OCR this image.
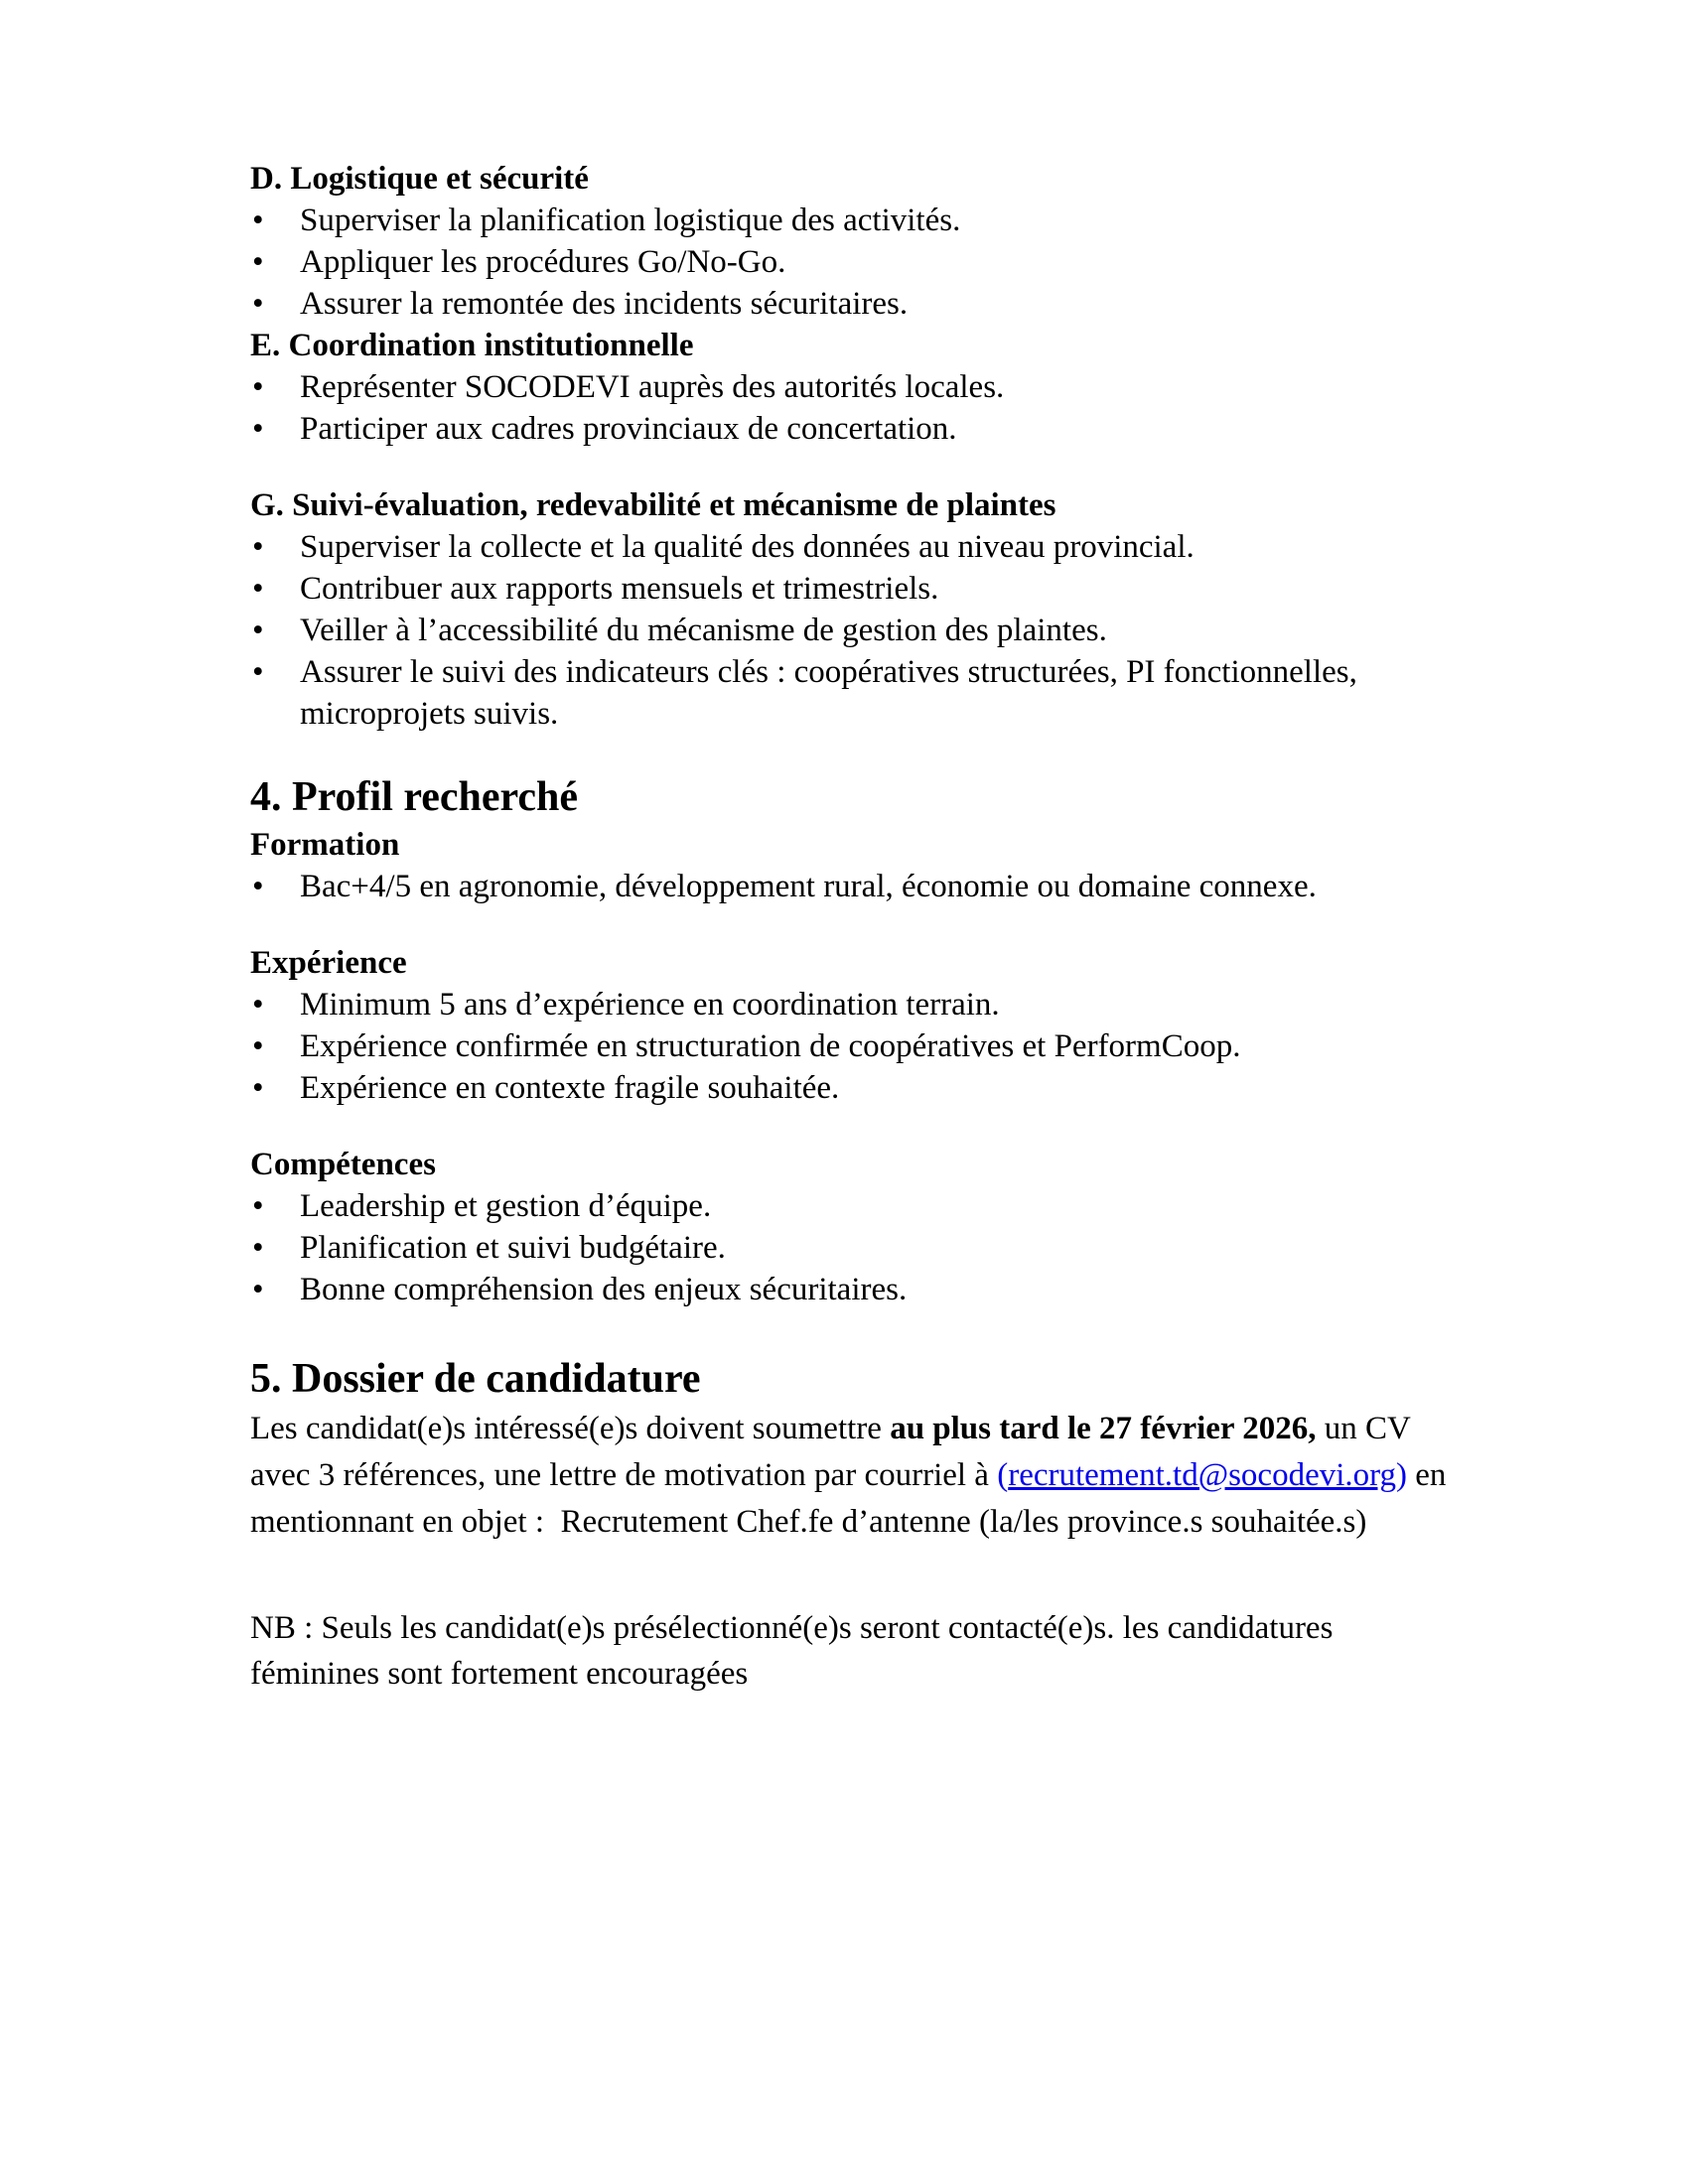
D. Logistique et sécurité
• Superviser la planification logistique des activités.
• Appliquer les procédures Go/No-Go.
• Assurer la remontée des incidents sécuritaires.
E. Coordination institutionnelle
• Représenter SOCODEVI auprès des autorités locales.
• Participer aux cadres provinciaux de concertation.
G. Suivi-évaluation, redevabilité et mécanisme de plaintes
• Superviser la collecte et la qualité des données au niveau provincial.
• Contribuer aux rapports mensuels et trimestriels.
• Veiller à l’accessibilité du mécanisme de gestion des plaintes.
• Assurer le suivi des indicateurs clés : coopératives structurées, PI fonctionnelles, microprojets suivis.
4. Profil recherché
Formation
• Bac+4/5 en agronomie, développement rural, économie ou domaine connexe.
Expérience
• Minimum 5 ans d’expérience en coordination terrain.
• Expérience confirmée en structuration de coopératives et PerformCoop.
• Expérience en contexte fragile souhaitée.
Compétences
• Leadership et gestion d’équipe.
• Planification et suivi budgétaire.
• Bonne compréhension des enjeux sécuritaires.
5. Dossier de candidature

Les candidat(e)s intéressé(e)s doivent soumettre au plus tard le 27 février 2026, un CV avec 3 références, une lettre de motivation par courriel à (recrutement.td@socodevi.org) en mentionnant en objet :  Recrutement Chef.fe d’antenne (la/les province.s souhaitée.s)

NB : Seuls les candidat(e)s présélectionné(e)s seront contacté(e)s. les candidatures féminines sont fortement encouragées
